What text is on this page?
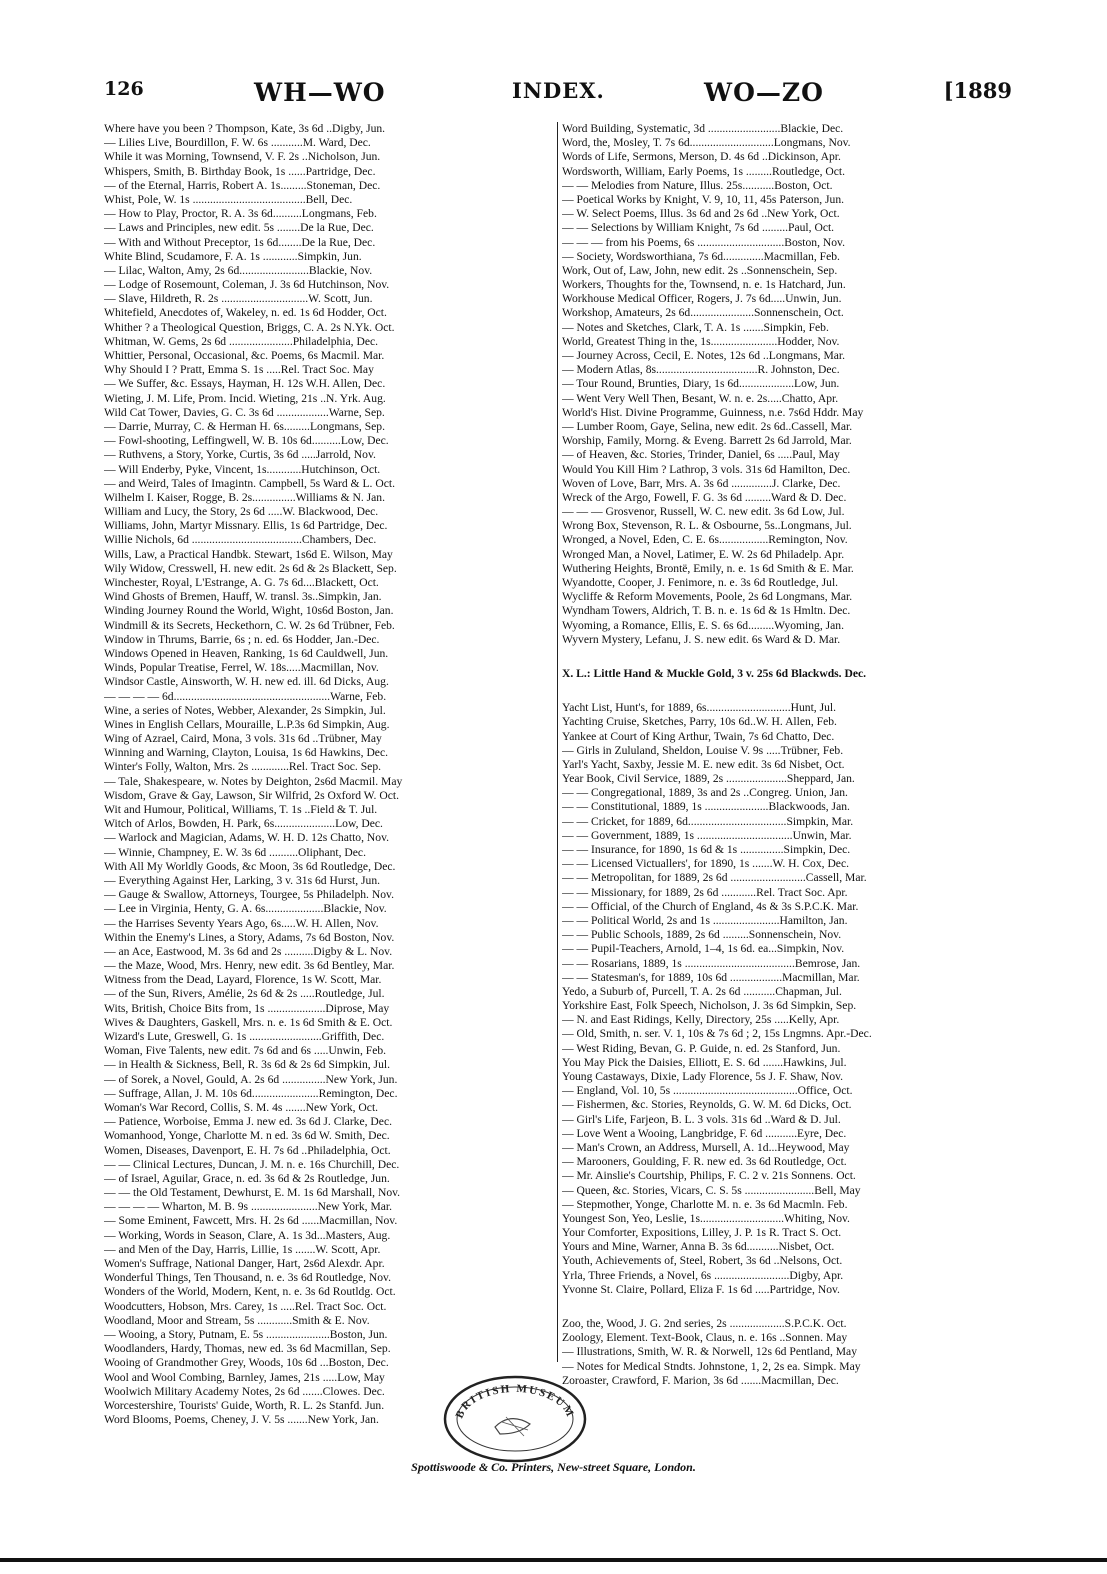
126	WH—WO	INDEX.	WO—ZO	[1889
Where have you been ? Thompson, Kate, 3s 6d ..Digby, Jun.
— Lilies Live, Bourdillon, F. W. 6s ...........M. Ward, Dec.
While it was Morning, Townsend, V. F. 2s ..Nicholson, Jun.
Whispers, Smith, B. Birthday Book, 1s ......Partridge, Dec.
— of the Eternal, Harris, Robert A. 1s.........Stoneman, Dec.
Whist, Pole, W. 1s .......................................Bell, Dec.
— How to Play, Proctor, R. A. 3s 6d..........Longmans, Feb.
— Laws and Principles, new edit. 5s ........De la Rue, Dec.
— With and Without Preceptor, 1s 6d........De la Rue, Dec.
White Blind, Scudamore, F. A. 1s ............Simpkin, Jun.
— Lilac, Walton, Amy, 2s 6d........................Blackie, Nov.
— Lodge of Rosemount, Coleman, J. 3s 6d Hutchinson, Nov.
— Slave, Hildreth, R. 2s ..............................W. Scott, Jun.
Whitefield, Anecdotes of, Wakeley, n. ed. 1s 6d Hodder, Oct.
Whither ? a Theological Question, Briggs, C. A. 2s N.Yk. Oct.
Whitman, W. Gems, 2s 6d ......................Philadelphia, Dec.
Whittier, Personal, Occasional, &c. Poems, 6s Macmil. Mar.
Why Should I ? Pratt, Emma S. 1s .....Rel. Tract Soc. May
— We Suffer, &c. Essays, Hayman, H. 12s W.H. Allen, Dec.
Wieting, J. M. Life, Prom. Incid. Wieting, 21s ..N. Yrk. Aug.
Wild Cat Tower, Davies, G. C. 3s 6d ..................Warne, Sep.
— Darrie, Murray, C. & Herman H. 6s.........Longmans, Sep.
— Fowl-shooting, Leffingwell, W. B. 10s 6d..........Low, Dec.
— Ruthvens, a Story, Yorke, Curtis, 3s 6d .....Jarrold, Nov.
— Will Enderby, Pyke, Vincent, 1s............Hutchinson, Oct.
— and Weird, Tales of Imagintn. Campbell, 5s Ward & L. Oct.
Wilhelm I. Kaiser, Rogge, B. 2s...............Williams & N. Jan.
William and Lucy, the Story, 2s 6d .....W. Blackwood, Dec.
Williams, John, Martyr Missnary. Ellis, 1s 6d Partridge, Dec.
Willie Nichols, 6d ......................................Chambers, Dec.
Wills, Law, a Practical Handbk. Stewart, 1s6d E. Wilson, May
Wily Widow, Cresswell, H. new edit. 2s 6d & 2s Blackett, Sep.
Winchester, Royal, L'Estrange, A. G. 7s 6d....Blackett, Oct.
Wind Ghosts of Bremen, Hauff, W. transl. 3s..Simpkin, Jan.
Winding Journey Round the World, Wight, 10s6d Boston, Jan.
Windmill & its Secrets, Heckethorn, C. W. 2s 6d Trübner, Feb.
Window in Thrums, Barrie, 6s ; n. ed. 6s Hodder, Jan.-Dec.
Windows Opened in Heaven, Ranking, 1s 6d Cauldwell, Jun.
Winds, Popular Treatise, Ferrel, W. 18s.....Macmillan, Nov.
Windsor Castle, Ainsworth, W. H. new ed. ill. 6d Dicks, Aug.
— — — — 6d......................................................Warne, Feb.
Wine, a series of Notes, Webber, Alexander, 2s Simpkin, Jul.
Wines in English Cellars, Mouraille, L.P.3s 6d Simpkin, Aug.
Wing of Azrael, Caird, Mona, 3 vols. 31s 6d ..Trübner, May
Winning and Warning, Clayton, Louisa, 1s 6d Hawkins, Dec.
Winter's Folly, Walton, Mrs. 2s .............Rel. Tract Soc. Sep.
— Tale, Shakespeare, w. Notes by Deighton, 2s6d Macmil. May
Wisdom, Grave & Gay, Lawson, Sir Wilfrid, 2s Oxford W. Oct.
Wit and Humour, Political, Williams, T. 1s ..Field & T. Jul.
Witch of Arlos, Bowden, H. Park, 6s.....................Low, Dec.
— Warlock and Magician, Adams, W. H. D. 12s Chatto, Nov.
— Winnie, Champney, E. W. 3s 6d ..........Oliphant, Dec.
With All My Worldly Goods, &c Moon, 3s 6d Routledge, Dec.
— Everything Against Her, Larking, 3 v. 31s 6d Hurst, Jun.
— Gauge & Swallow, Attorneys, Tourgee, 5s Philadelph. Nov.
— Lee in Virginia, Henty, G. A. 6s....................Blackie, Nov.
— the Harrises Seventy Years Ago, 6s.....W. H. Allen, Nov.
Within the Enemy's Lines, a Story, Adams, 7s 6d Boston, Nov.
— an Ace, Eastwood, M. 3s 6d and 2s ..........Digby & L. Nov.
— the Maze, Wood, Mrs. Henry, new edit. 3s 6d Bentley, Mar.
Witness from the Dead, Layard, Florence, 1s W. Scott, Mar.
— of the Sun, Rivers, Amélie, 2s 6d & 2s .....Routledge, Jul.
Wits, British, Choice Bits from, 1s ....................Diprose, May
Wives & Daughters, Gaskell, Mrs. n. e. 1s 6d Smith & E. Oct.
Wizard's Lute, Greswell, G. 1s .........................Griffith, Dec.
Woman, Five Talents, new edit. 7s 6d and 6s .....Unwin, Feb.
— in Health & Sickness, Bell, R. 3s 6d & 2s 6d Simpkin, Jul.
— of Sorek, a Novel, Gould, A. 2s 6d ...............New York, Jun.
— Suffrage, Allan, J. M. 10s 6d.......................Remington, Dec.
Woman's War Record, Collis, S. M. 4s .......New York, Oct.
— Patience, Worboise, Emma J. new ed. 3s 6d J. Clarke, Dec.
Womanhood, Yonge, Charlotte M. n ed. 3s 6d W. Smith, Dec.
Women, Diseases, Davenport, E. H. 7s 6d ..Philadelphia, Oct.
— — Clinical Lectures, Duncan, J. M. n. e. 16s Churchill, Dec.
— of Israel, Aguilar, Grace, n. ed. 3s 6d & 2s Routledge, Jun.
— — the Old Testament, Dewhurst, E. M. 1s 6d Marshall, Nov.
— — — — Wharton, M. B. 9s .......................New York, Mar.
— Some Eminent, Fawcett, Mrs. H. 2s 6d ......Macmillan, Nov.
— Working, Words in Season, Clare, A. 1s 3d...Masters, Aug.
— and Men of the Day, Harris, Lillie, 1s .......W. Scott, Apr.
Women's Suffrage, National Danger, Hart, 2s6d Alexdr. Apr.
Wonderful Things, Ten Thousand, n. e. 3s 6d Routledge, Nov.
Wonders of the World, Modern, Kent, n. e. 3s 6d Routldg. Oct.
Woodcutters, Hobson, Mrs. Carey, 1s .....Rel. Tract Soc. Oct.
Woodland, Moor and Stream, 5s ............Smith & E. Nov.
— Wooing, a Story, Putnam, E. 5s ......................Boston, Jun.
Woodlanders, Hardy, Thomas, new ed. 3s 6d Macmillan, Sep.
Wooing of Grandmother Grey, Woods, 10s 6d ...Boston, Dec.
Wool and Wool Combing, Barnley, James, 21s .....Low, May
Woolwich Military Academy Notes, 2s 6d .......Clowes. Dec.
Worcestershire, Tourists' Guide, Worth, R. L. 2s Stanfd. Jun.
Word Blooms, Poems, Cheney, J. V. 5s .......New York, Jan.
Word Building, Systematic, 3d .........................Blackie, Dec.
Word, the, Mosley, T. 7s 6d.............................Longmans, Nov.
Words of Life, Sermons, Merson, D. 4s 6d ..Dickinson, Apr.
Wordsworth, William, Early Poems, 1s .........Routledge, Oct.
— — Melodies from Nature, Illus. 25s...........Boston, Oct.
— Poetical Works by Knight, V. 9, 10, 11, 45s Paterson, Jun.
— W. Select Poems, Illus. 3s 6d and 2s 6d ..New York, Oct.
— — Selections by William Knight, 7s 6d .........Paul, Oct.
— — — from his Poems, 6s ..............................Boston, Nov.
— Society, Wordsworthiana, 7s 6d..............Macmillan, Feb.
Work, Out of, Law, John, new edit. 2s ..Sonnenschein, Sep.
Workers, Thoughts for the, Townsend, n. e. 1s Hatchard, Jun.
Workhouse Medical Officer, Rogers, J. 7s 6d.....Unwin, Jun.
Workshop, Amateurs, 2s 6d......................Sonnenschein, Oct.
— Notes and Sketches, Clark, T. A. 1s .......Simpkin, Feb.
World, Greatest Thing in the, 1s.......................Hodder, Nov.
— Journey Across, Cecil, E. Notes, 12s 6d ..Longmans, Mar.
— Modern Atlas, 8s...................................R. Johnston, Dec.
— Tour Round, Brunties, Diary, 1s 6d...................Low, Jun.
— Went Very Well Then, Besant, W. n. e. 2s.....Chatto, Apr.
World's Hist. Divine Programme, Guinness, n.e. 7s6d Hddr. May
— Lumber Room, Gaye, Selina, new edit. 2s 6d..Cassell, Mar.
Worship, Family, Morng. & Eveng. Barrett 2s 6d Jarrold, Mar.
— of Heaven, &c. Stories, Trinder, Daniel, 6s .....Paul, May
Would You Kill Him ? Lathrop, 3 vols. 31s 6d Hamilton, Dec.
Woven of Love, Barr, Mrs. A. 3s 6d ..............J. Clarke, Dec.
Wreck of the Argo, Fowell, F. G. 3s 6d .........Ward & D. Dec.
— — — Grosvenor, Russell, W. C. new edit. 3s 6d Low, Jul.
Wrong Box, Stevenson, R. L. & Osbourne, 5s..Longmans, Jul.
Wronged, a Novel, Eden, C. E. 6s.................Remington, Nov.
Wronged Man, a Novel, Latimer, E. W. 2s 6d Philadelp. Apr.
Wuthering Heights, Brontë, Emily, n. e. 1s 6d Smith & E. Mar.
Wyandotte, Cooper, J. Fenimore, n. e. 3s 6d Routledge, Jul.
Wycliffe & Reform Movements, Poole, 2s 6d Longmans, Mar.
Wyndham Towers, Aldrich, T. B. n. e. 1s 6d & 1s Hmltn. Dec.
Wyoming, a Romance, Ellis, E. S. 6s 6d.........Wyoming, Jan.
Wyvern Mystery, Lefanu, J. S. new edit. 6s Ward & D. Mar.
X. L.: Little Hand & Muckle Gold, 3 v. 25s 6d Blackwds. Dec.
Yacht List, Hunt's, for 1889, 6s.............................Hunt, Jul.
Yachting Cruise, Sketches, Parry, 10s 6d..W. H. Allen, Feb.
Yankee at Court of King Arthur, Twain, 7s 6d Chatto, Dec.
— Girls in Zululand, Sheldon, Louise V. 9s .....Trübner, Feb.
Yarl's Yacht, Saxby, Jessie M. E. new edit. 3s 6d Nisbet, Oct.
Year Book, Civil Service, 1889, 2s .....................Sheppard, Jan.
— — Congregational, 1889, 3s and 2s ..Congreg. Union, Jan.
— — Constitutional, 1889, 1s ......................Blackwoods, Jan.
— — Cricket, for 1889, 6d..................................Simpkin, Mar.
— — Government, 1889, 1s .................................Unwin, Mar.
— — Insurance, for 1890, 1s 6d & 1s ...............Simpkin, Dec.
— — Licensed Victuallers', for 1890, 1s .......W. H. Cox, Dec.
— — Metropolitan, for 1889, 2s 6d ..........................Cassell, Mar.
— — Missionary, for 1889, 2s 6d ............Rel. Tract Soc. Apr.
— — Official, of the Church of England, 4s & 3s S.P.C.K. Mar.
— — Political World, 2s and 1s .......................Hamilton, Jan.
— — Public Schools, 1889, 2s 6d .........Sonnenschein, Nov.
— — Pupil-Teachers, Arnold, 1–4, 1s 6d. ea...Simpkin, Nov.
— — Rosarians, 1889, 1s ......................................Bemrose, Jan.
— — Statesman's, for 1889, 10s 6d ..................Macmillan, Mar.
Yedo, a Suburb of, Purcell, T. A. 2s 6d ...........Chapman, Jul.
Yorkshire East, Folk Speech, Nicholson, J. 3s 6d Simpkin, Sep.
— N. and East Ridings, Kelly, Directory, 25s .....Kelly, Apr.
— Old, Smith, n. ser. V. 1, 10s & 7s 6d ; 2, 15s Lngmns. Apr.-Dec.
— West Riding, Bevan, G. P. Guide, n. ed. 2s Stanford, Jun.
You May Pick the Daisies, Elliott, E. S. 6d .......Hawkins, Jul.
Young Castaways, Dixie, Lady Florence, 5s J. F. Shaw, Nov.
— England, Vol. 10, 5s ...........................................Office, Oct.
— Fishermen, &c. Stories, Reynolds, G. W. M. 6d Dicks, Oct.
— Girl's Life, Farjeon, B. L. 3 vols. 31s 6d ..Ward & D. Jul.
— Love Went a Wooing, Langbridge, F. 6d ...........Eyre, Dec.
— Man's Crown, an Address, Mursell, A. 1d...Heywood, May
— Marooners, Goulding, F. R. new ed. 3s 6d Routledge, Oct.
— Mr. Ainslie's Courtship, Philips, F. C. 2 v. 21s Sonnens. Oct.
— Queen, &c. Stories, Vicars, C. S. 5s ........................Bell, May
— Stepmother, Yonge, Charlotte M. n. e. 3s 6d Macmln. Feb.
Youngest Son, Yeo, Leslie, 1s.............................Whiting, Nov.
Your Comforter, Expositions, Lilley, J. P. 1s R. Tract S. Oct.
Yours and Mine, Warner, Anna B. 3s 6d...........Nisbet, Oct.
Youth, Achievements of, Steel, Robert, 3s 6d ..Nelsons, Oct.
Yrla, Three Friends, a Novel, 6s ..........................Digby, Apr.
Yvonne St. Claire, Pollard, Eliza F. 1s 6d .....Partridge, Nov.
Zoo, the, Wood, J. G. 2nd series, 2s ...................S.P.C.K. Oct.
Zoology, Element. Text-Book, Claus, n. e. 16s ..Sonnen. May
— Illustrations, Smith, W. R. & Norwell, 12s 6d Pentland, May
— Notes for Medical Stndts. Johnstone, 1, 2, 2s ea. Simpk. May
Zoroaster, Crawford, F. Marion, 3s 6d .......Macmillan, Dec.
BRITISH MUSEUM
Spottiswoode & Co. Printers, New-street Square, London.
